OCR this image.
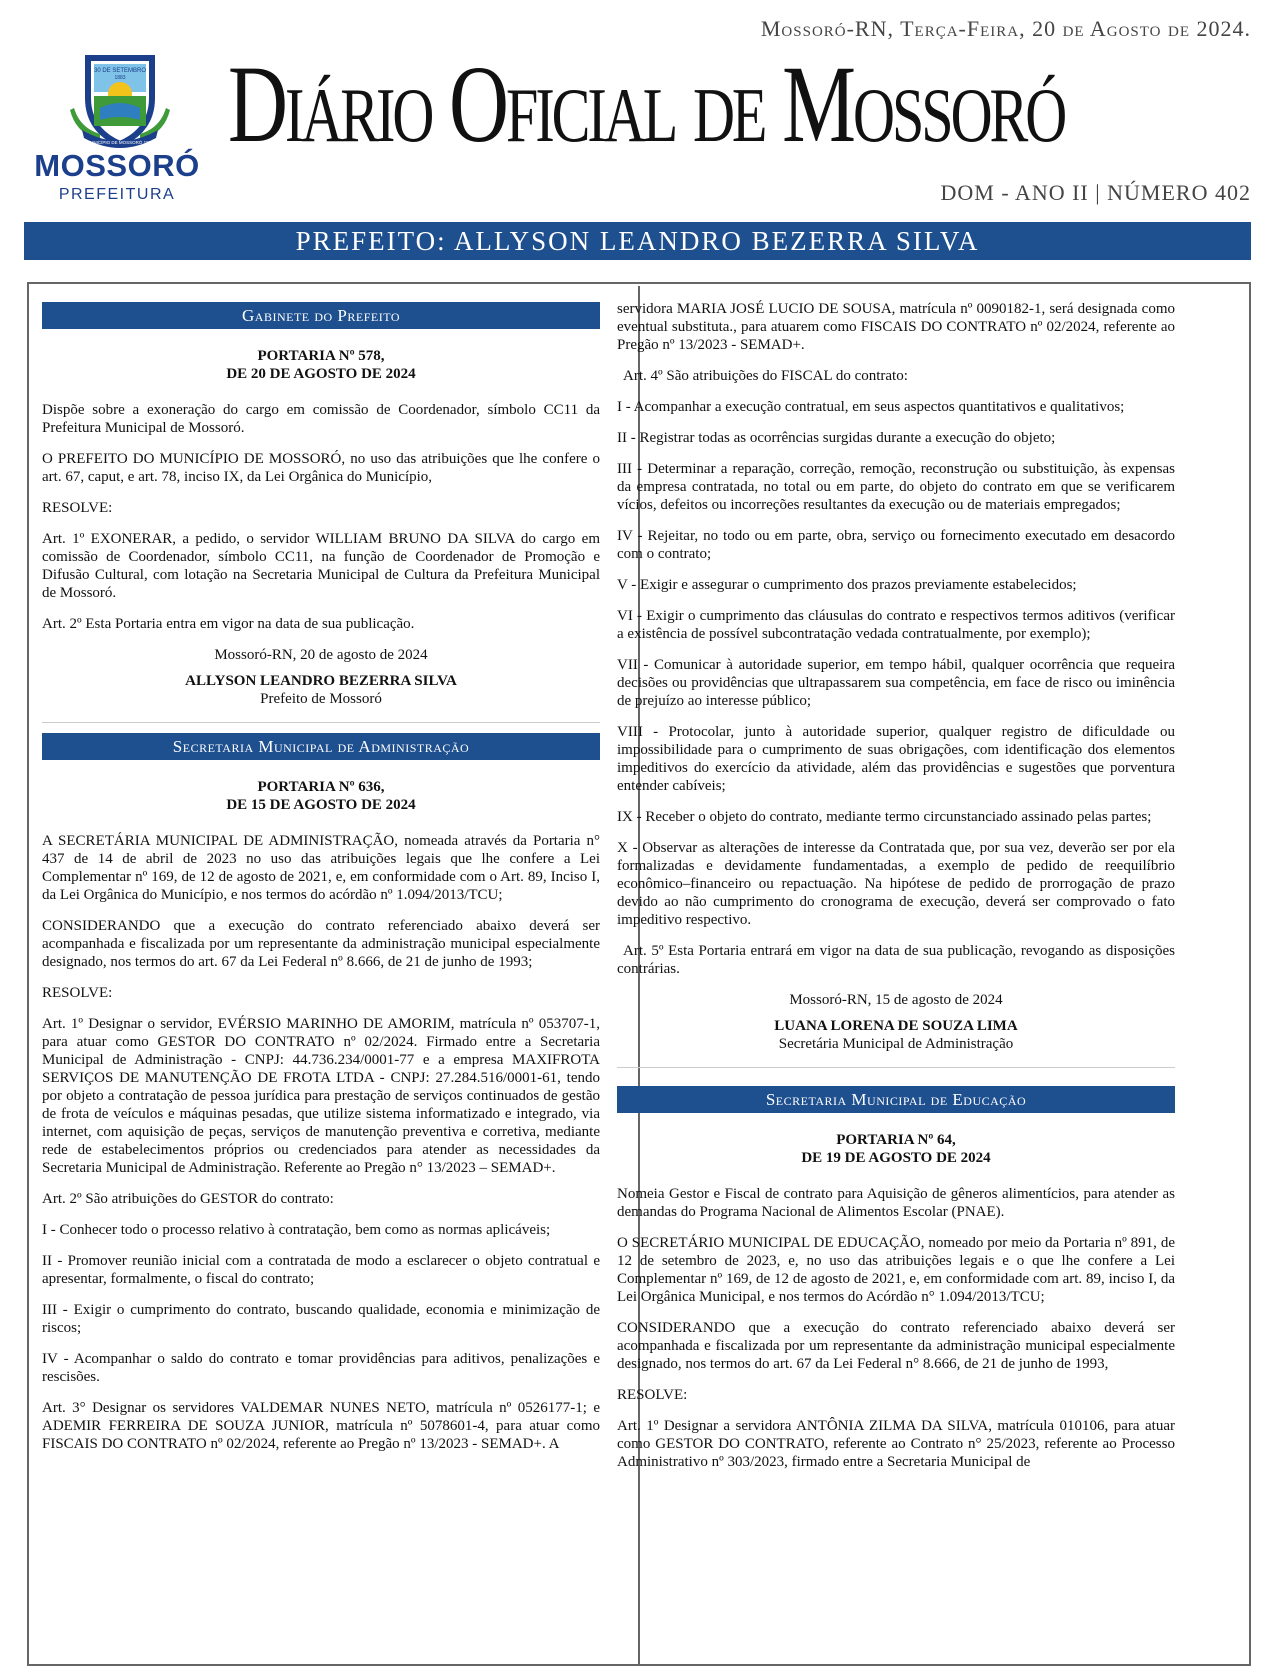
30 DE SETEMBRO
1883
MUNICÍPIO DE MOSSORÓ 1852
MOSSORÓ
PREFEITURA
Mossoró-RN, Terça-Feira, 20 de Agosto de 2024.
Diário Oficial de Mossoró
DOM - ANO II | NÚMERO 402
PREFEITO: ALLYSON LEANDRO BEZERRA SILVA
Gabinete do Prefeito

PORTARIA Nº 578,

DE 20 DE AGOSTO DE 2024

Dispõe sobre a exoneração do cargo em comissão de Coordenador, símbolo CC11 da Prefeitura Municipal de Mossoró.

O PREFEITO DO MUNICÍPIO DE MOSSORÓ, no uso das atribuições que lhe confere o art. 67, caput, e art. 78, inciso IX, da Lei Orgânica do Município,

RESOLVE:

Art. 1º EXONERAR, a pedido, o servidor WILLIAM BRUNO DA SILVA do cargo em comissão de Coordenador, símbolo CC11, na função de Coordenador de Promoção e Difusão Cultural, com lotação na Secretaria Municipal de Cultura da Prefeitura Municipal de Mossoró.

Art. 2º Esta Portaria entra em vigor na data de sua publicação.

Mossoró-RN, 20 de agosto de 2024

ALLYSON LEANDRO BEZERRA SILVA

Prefeito de Mossoró

Secretaria Municipal de Administração

PORTARIA Nº 636,

DE 15 DE AGOSTO DE 2024

A SECRETÁRIA MUNICIPAL DE ADMINISTRAÇÃO, nomeada através da Portaria n° 437 de 14 de abril de 2023 no uso das atribuições legais que lhe confere a Lei Complementar nº 169, de 12 de agosto de 2021, e, em conformidade com o Art. 89, Inciso I, da Lei Orgânica do Município, e nos termos do acórdão nº 1.094/2013/TCU;

CONSIDERANDO que a execução do contrato referenciado abaixo deverá ser acompanhada e fiscalizada por um representante da administração municipal especialmente designado, nos termos do art. 67 da Lei Federal nº 8.666, de 21 de junho de 1993;

RESOLVE:

Art. 1º Designar o servidor, EVÉRSIO MARINHO DE AMORIM, matrícula nº 053707-1, para atuar como GESTOR DO CONTRATO nº 02/2024. Firmado entre a Secretaria Municipal de Administração - CNPJ: 44.736.234/0001-77 e a empresa MAXIFROTA SERVIÇOS DE MANUTENÇÃO DE FROTA LTDA - CNPJ: 27.284.516/0001-61, tendo por objeto a contratação de pessoa jurídica para prestação de serviços continuados de gestão de frota de veículos e máquinas pesadas, que utilize sistema informatizado e integrado, via internet, com aquisição de peças, serviços de manutenção preventiva e corretiva, mediante rede de estabelecimentos próprios ou credenciados para atender as necessidades da Secretaria Municipal de Administração. Referente ao Pregão n° 13/2023 – SEMAD+.

Art. 2º São atribuições do GESTOR do contrato:

I - Conhecer todo o processo relativo à contratação, bem como as normas aplicáveis;

II - Promover reunião inicial com a contratada de modo a esclarecer o objeto contratual e apresentar, formalmente, o fiscal do contrato;

III - Exigir o cumprimento do contrato, buscando qualidade, economia e minimização de riscos;

IV - Acompanhar o saldo do contrato e tomar providências para aditivos, penalizações e rescisões.

Art. 3° Designar os servidores VALDEMAR NUNES NETO, matrícula nº 0526177-1; e ADEMIR FERREIRA DE SOUZA JUNIOR, matrícula nº 5078601-4, para atuar como FISCAIS DO CONTRATO nº 02/2024, referente ao Pregão nº 13/2023 - SEMAD+. A

servidora MARIA JOSÉ LUCIO DE SOUSA, matrícula nº 0090182-1, será designada como eventual substituta., para atuarem como FISCAIS DO CONTRATO nº 02/2024, referente ao Pregão nº 13/2023 - SEMAD+.

Art. 4º São atribuições do FISCAL do contrato:

I - Acompanhar a execução contratual, em seus aspectos quantitativos e qualitativos;

II - Registrar todas as ocorrências surgidas durante a execução do objeto;

III - Determinar a reparação, correção, remoção, reconstrução ou substituição, às expensas da empresa contratada, no total ou em parte, do objeto do contrato em que se verificarem vícios, defeitos ou incorreções resultantes da execução ou de materiais empregados;

IV - Rejeitar, no todo ou em parte, obra, serviço ou fornecimento executado em desacordo com o contrato;

V - Exigir e assegurar o cumprimento dos prazos previamente estabelecidos;

VI - Exigir o cumprimento das cláusulas do contrato e respectivos termos aditivos (verificar a existência de possível subcontratação vedada contratualmente, por exemplo);

VII - Comunicar à autoridade superior, em tempo hábil, qualquer ocorrência que requeira decisões ou providências que ultrapassarem sua competência, em face de risco ou iminência de prejuízo ao interesse público;

VIII - Protocolar, junto à autoridade superior, qualquer registro de dificuldade ou impossibilidade para o cumprimento de suas obrigações, com identificação dos elementos impeditivos do exercício da atividade, além das providências e sugestões que porventura entender cabíveis;

IX - Receber o objeto do contrato, mediante termo circunstanciado assinado pelas partes;

X - Observar as alterações de interesse da Contratada que, por sua vez, deverão ser por ela formalizadas e devidamente fundamentadas, a exemplo de pedido de reequilíbrio econômico–financeiro ou repactuação. Na hipótese de pedido de prorrogação de prazo devido ao não cumprimento do cronograma de execução, deverá ser comprovado o fato impeditivo respectivo.

Art. 5º Esta Portaria entrará em vigor na data de sua publicação, revogando as disposições contrárias.

Mossoró-RN, 15 de agosto de 2024

LUANA LORENA DE SOUZA LIMA

Secretária Municipal de Administração

Secretaria Municipal de Educação

PORTARIA Nº 64,

DE 19 DE AGOSTO DE 2024

Nomeia Gestor e Fiscal de contrato para Aquisição de gêneros alimentícios, para atender as demandas do Programa Nacional de Alimentos Escolar (PNAE).

O SECRETÁRIO MUNICIPAL DE EDUCAÇÃO, nomeado por meio da Portaria nº 891, de 12 de setembro de 2023, e, no uso das atribuições legais e o que lhe confere a Lei Complementar nº 169, de 12 de agosto de 2021, e, em conformidade com art. 89, inciso I, da Lei Orgânica Municipal, e nos termos do Acórdão n° 1.094/2013/TCU;

CONSIDERANDO que a execução do contrato referenciado abaixo deverá ser acompanhada e fiscalizada por um representante da administração municipal especialmente designado, nos termos do art. 67 da Lei Federal n° 8.666, de 21 de junho de 1993,

RESOLVE:

Art. 1º Designar a servidora ANTÔNIA ZILMA DA SILVA, matrícula 010106, para atuar como GESTOR DO CONTRATO, referente ao Contrato n° 25/2023, referente ao Processo Administrativo nº 303/2023, firmado entre a Secretaria Municipal de
